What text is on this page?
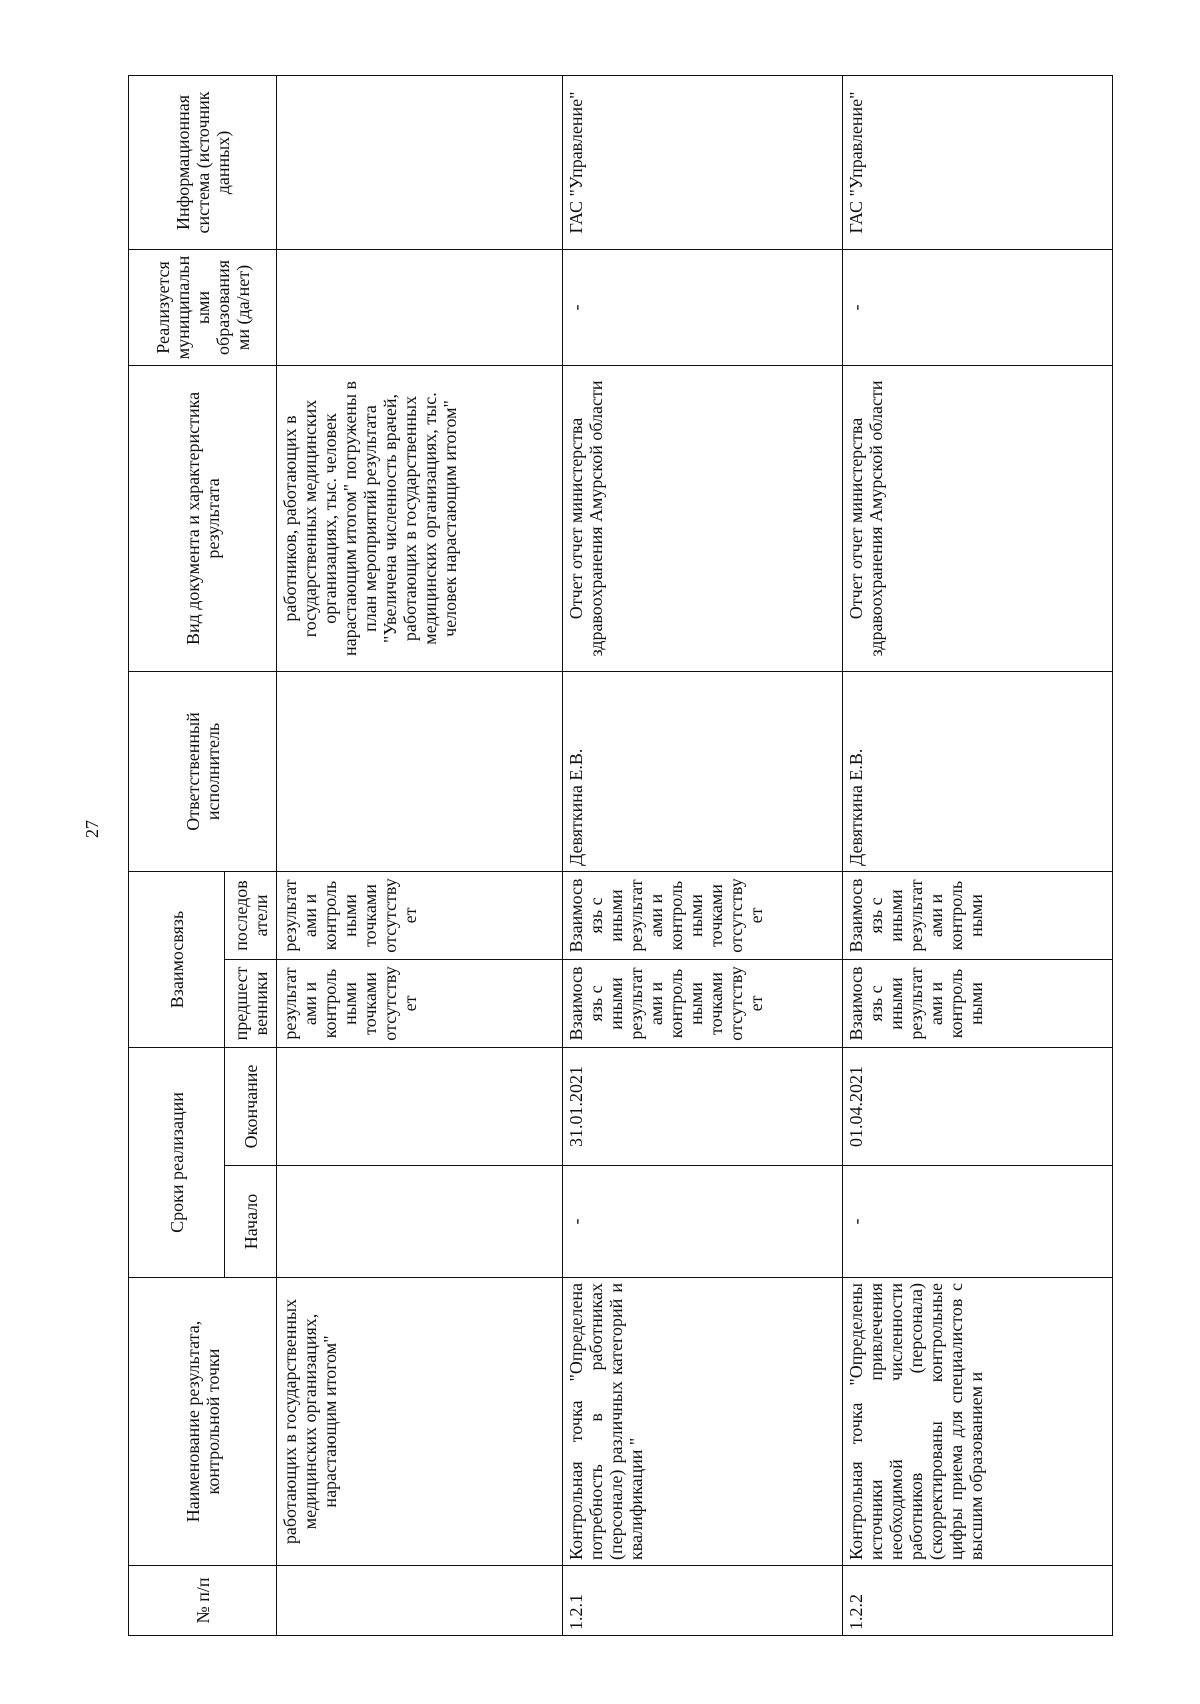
27
№ п/п	Наименование результата, контрольной точки	Сроки реализации		Взаимосвязь		Ответственный исполнитель	Вид документа и характеристика результата	Реализуется муниципальными образованиями (да/нет)	Информационная система (источник данных)
		Начало	Окончание	предшественники	последователи				
	работающих в государственных медицинских организациях, нарастающим итогом"			результатами и контрольными точками отсутствует	результатами и контрольными точками отсутствует		работников, работающих в государственных медицинских организациях, тыс. человек нарастающим итогом" погружены в план мероприятий результата "Увеличена численность врачей, работающих в государственных медицинских организациях, тыс. человек нарастающим итогом"		
1.2.1	Контрольная точка "Определена потребность в работниках (персонале) различных категорий и квалификации "	-	31.01.2021	Взаимосвязь с иными результатами и контрольными точками отсутствует	Взаимосвязь с иными результатами и контрольными точками отсутствует	Девяткина Е.В.	Отчет отчет министерства здравоохранения Амурской области	-	ГАС "Управление"
1.2.2	Контрольная точка "Определены источники привлечения необходимой численности работников (персонала) (скорректированы контрольные цифры приема для специалистов с высшим образованием и	-	01.04.2021	Взаимосвязь с иными результатами и контрольными	Взаимосвязь с иными результатами и контрольными	Девяткина Е.В.	Отчет отчет министерства здравоохранения Амурской области	-	ГАС "Управление"
